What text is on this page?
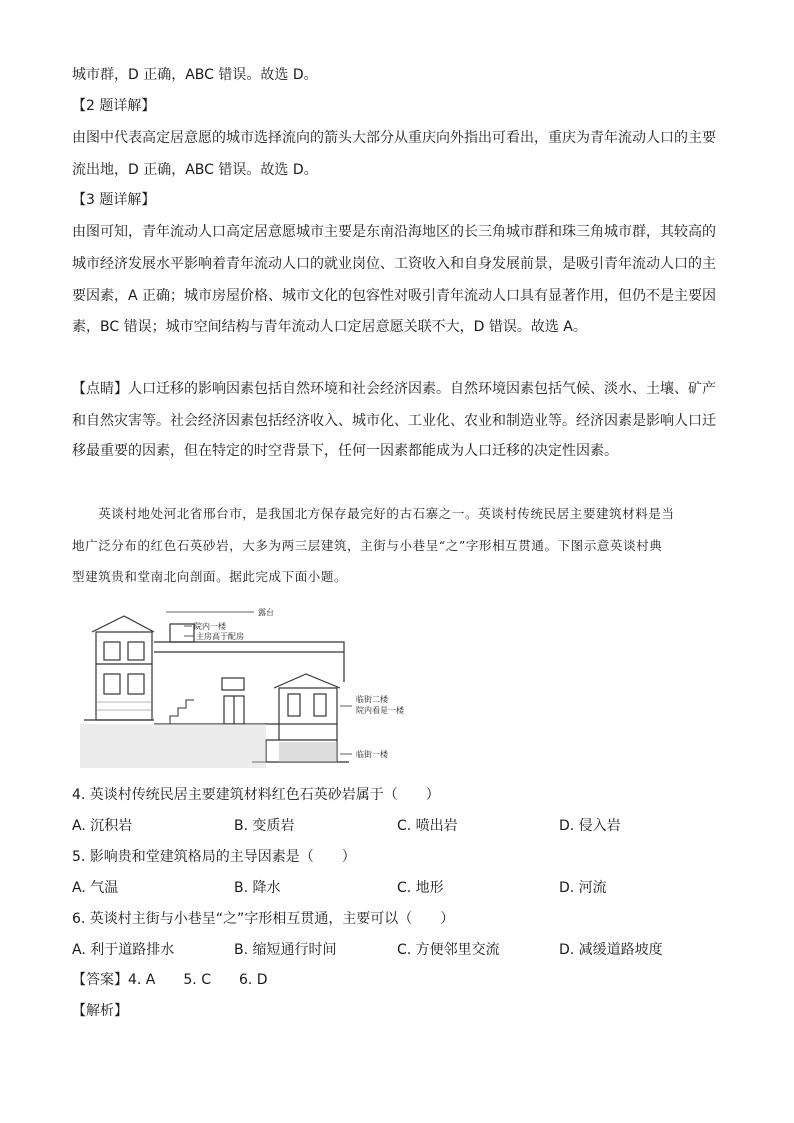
城市群，D 正确，ABC 错误。故选 D。
【2 题详解】
由图中代表高定居意愿的城市选择流向的箭头大部分从重庆向外指出可看出，重庆为青年流动人口的主要
流出地，D 正确，ABC 错误。故选 D。
【3 题详解】
由图可知，青年流动人口高定居意愿城市主要是东南沿海地区的长三角城市群和珠三角城市群，其较高的
城市经济发展水平影响着青年流动人口的就业岗位、工资收入和自身发展前景，是吸引青年流动人口的主
要因素，A 正确；城市房屋价格、城市文化的包容性对吸引青年流动人口具有显著作用，但仍不是主要因
素，BC 错误；城市空间结构与青年流动人口定居意愿关联不大，D 错误。故选 A。
【点睛】人口迁移的影响因素包括自然环境和社会经济因素。自然环境因素包括气候、淡水、土壤、矿产
和自然灾害等。社会经济因素包括经济收入、城市化、工业化、农业和制造业等。经济因素是影响人口迁
移最重要的因素，但在特定的时空背景下，任何一因素都能成为人口迁移的决定性因素。
　　英谈村地处河北省邢台市，是我国北方保存最完好的古石寨之一。英谈村传统民居主要建筑材料是当
地广泛分布的红色石英砂岩，大多为两三层建筑，主街与小巷呈“之”字形相互贯通。下图示意英谈村典
型建筑贵和堂南北向剖面。据此完成下面小题。
露台
院内一楼
主房高于配房
临街二楼
院内看是一楼
临街一楼
4. 英谈村传统民居主要建筑材料红色石英砂岩属于（　　）
A. 沉积岩	B. 变质岩	C. 喷出岩	D. 侵入岩
5. 影响贵和堂建筑格局的主导因素是（　　）
A. 气温	B. 降水	C. 地形	D. 河流
6. 英谈村主街与小巷呈“之”字形相互贯通，主要可以（　　）
A. 利于道路排水	B. 缩短通行时间	C. 方便邻里交流	D. 减缓道路坡度
【答案】4. A　　5. C　　6. D
【解析】
